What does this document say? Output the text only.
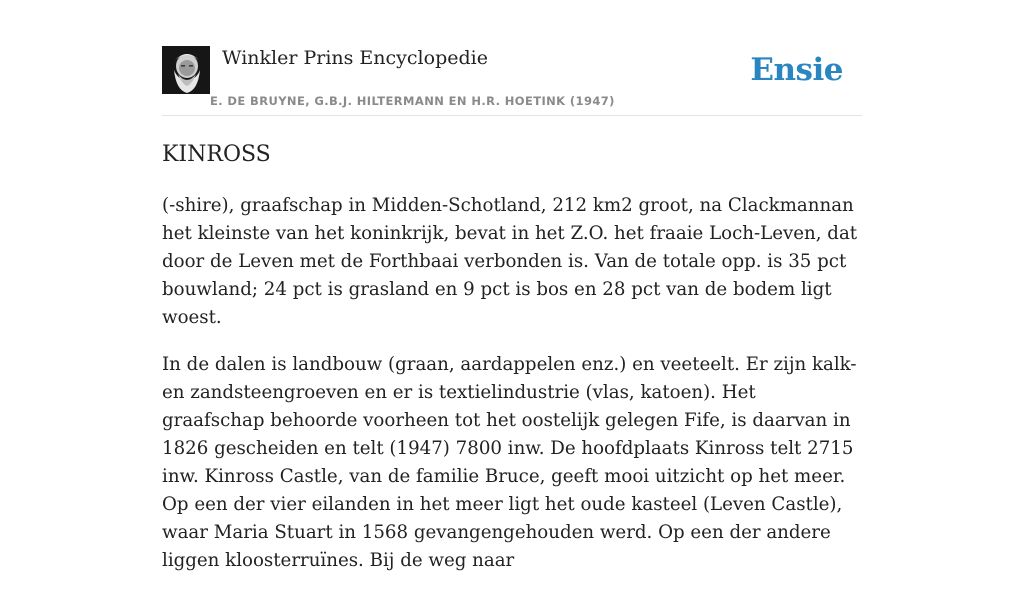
Winkler Prins Encyclopedie
E. DE BRUYNE, G.B.J. HILTERMANN EN H.R. HOETINK (1947)
Ensie
KINROSS

(-shire), graafschap in Midden-Schotland, 212 km2 groot, na Clackmannan het kleinste van het koninkrijk, bevat in het Z.O. het fraaie Loch-Leven, dat door de Leven met de Forthbaai verbonden is. Van de totale opp. is 35 pct bouwland; 24 pct is grasland en 9 pct is bos en 28 pct van de bodem ligt woest.

In de dalen is landbouw (graan, aardappelen enz.) en veeteelt. Er zijn kalk- en zandsteengroeven en er is textielindustrie (vlas, katoen). Het graafschap behoorde voorheen tot het oostelijk gelegen Fife, is daarvan in 1826 gescheiden en telt (1947) 7800 inw. De hoofdplaats Kinross telt 2715 inw. Kinross Castle, van de familie Bruce, geeft mooi uitzicht op het meer. Op een der vier eilanden in het meer ligt het oude kasteel (Leven Castle), waar Maria Stuart in 1568 gevangengehouden werd. Op een der andere liggen kloosterruïnes. Bij de weg naar
